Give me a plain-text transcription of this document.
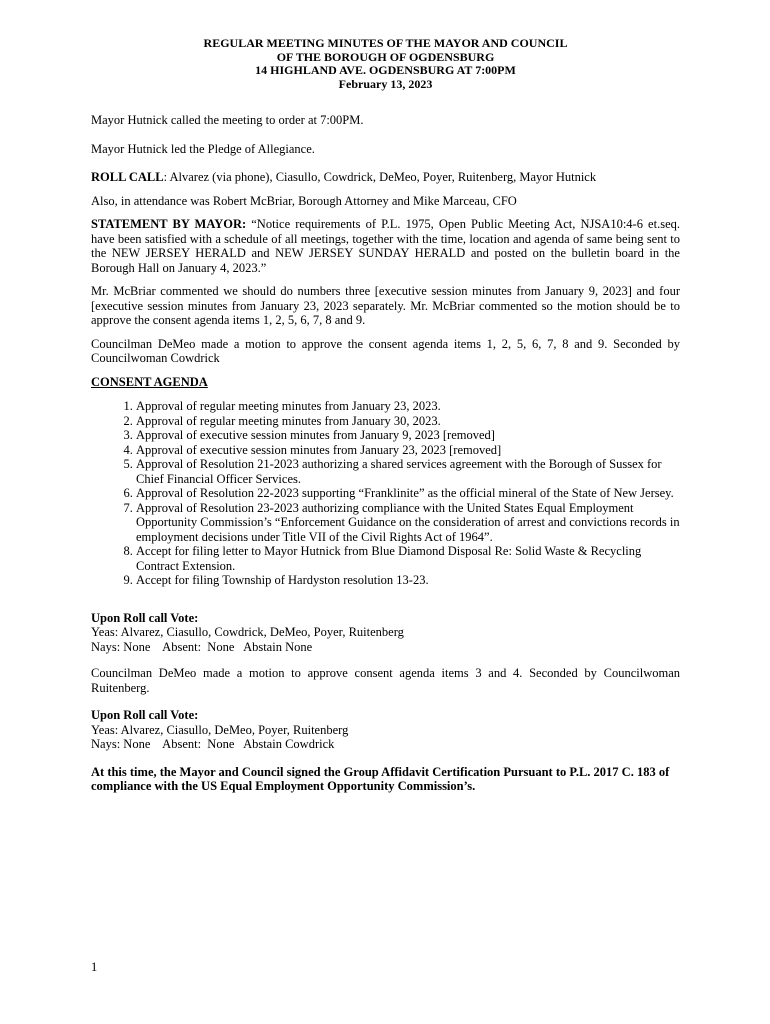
REGULAR MEETING MINUTES OF THE MAYOR AND COUNCIL
OF THE BOROUGH OF OGDENSBURG
14 HIGHLAND AVE. OGDENSBURG AT 7:00PM
February 13, 2023

Mayor Hutnick called the meeting to order at 7:00PM.

Mayor Hutnick led the Pledge of Allegiance.

ROLL CALL: Alvarez (via phone), Ciasullo, Cowdrick, DeMeo, Poyer, Ruitenberg, Mayor Hutnick

Also, in attendance was Robert McBriar, Borough Attorney and Mike Marceau, CFO

STATEMENT BY MAYOR: “Notice requirements of P.L. 1975, Open Public Meeting Act, NJSA10:4-6 et.seq. have been satisfied with a schedule of all meetings, together with the time, location and agenda of same being sent to the NEW JERSEY HERALD and NEW JERSEY SUNDAY HERALD and posted on the bulletin board in the Borough Hall on January 4, 2023.”

Mr. McBriar commented we should do numbers three [executive session minutes from January 9, 2023] and four [executive session minutes from January 23, 2023 separately. Mr. McBriar commented so the motion should be to approve the consent agenda items 1, 2, 5, 6, 7, 8 and 9.

Councilman DeMeo made a motion to approve the consent agenda items 1, 2, 5, 6, 7, 8 and 9. Seconded by Councilwoman Cowdrick

CONSENT AGENDA

1. Approval of regular meeting minutes from January 23, 2023.
2. Approval of regular meeting minutes from January 30, 2023.
3. Approval of executive session minutes from January 9, 2023 [removed]
4. Approval of executive session minutes from January 23, 2023 [removed]
5. Approval of Resolution 21-2023 authorizing a shared services agreement with the Borough of Sussex for Chief Financial Officer Services.
6. Approval of Resolution 22-2023 supporting “Franklinite” as the official mineral of the State of New Jersey.
7. Approval of Resolution 23-2023 authorizing compliance with the United States Equal Employment Opportunity Commission’s “Enforcement Guidance on the consideration of arrest and convictions records in employment decisions under Title VII of the Civil Rights Act of 1964”.
8. Accept for filing letter to Mayor Hutnick from Blue Diamond Disposal Re: Solid Waste & Recycling Contract Extension.
9. Accept for filing Township of Hardyston resolution 13-23.

Upon Roll call Vote:

Yeas: Alvarez, Ciasullo, Cowdrick, DeMeo, Poyer, Ruitenberg

Nays: None    Absent:  None   Abstain None

Councilman DeMeo made a motion to approve consent agenda items 3 and 4. Seconded by Councilwoman Ruitenberg.

Upon Roll call Vote:

Yeas: Alvarez, Ciasullo, DeMeo, Poyer, Ruitenberg

Nays: None    Absent:  None   Abstain Cowdrick

At this time, the Mayor and Council signed the Group Affidavit Certification Pursuant to P.L. 2017 C. 183 of compliance with the US Equal Employment Opportunity Commission’s.

1
